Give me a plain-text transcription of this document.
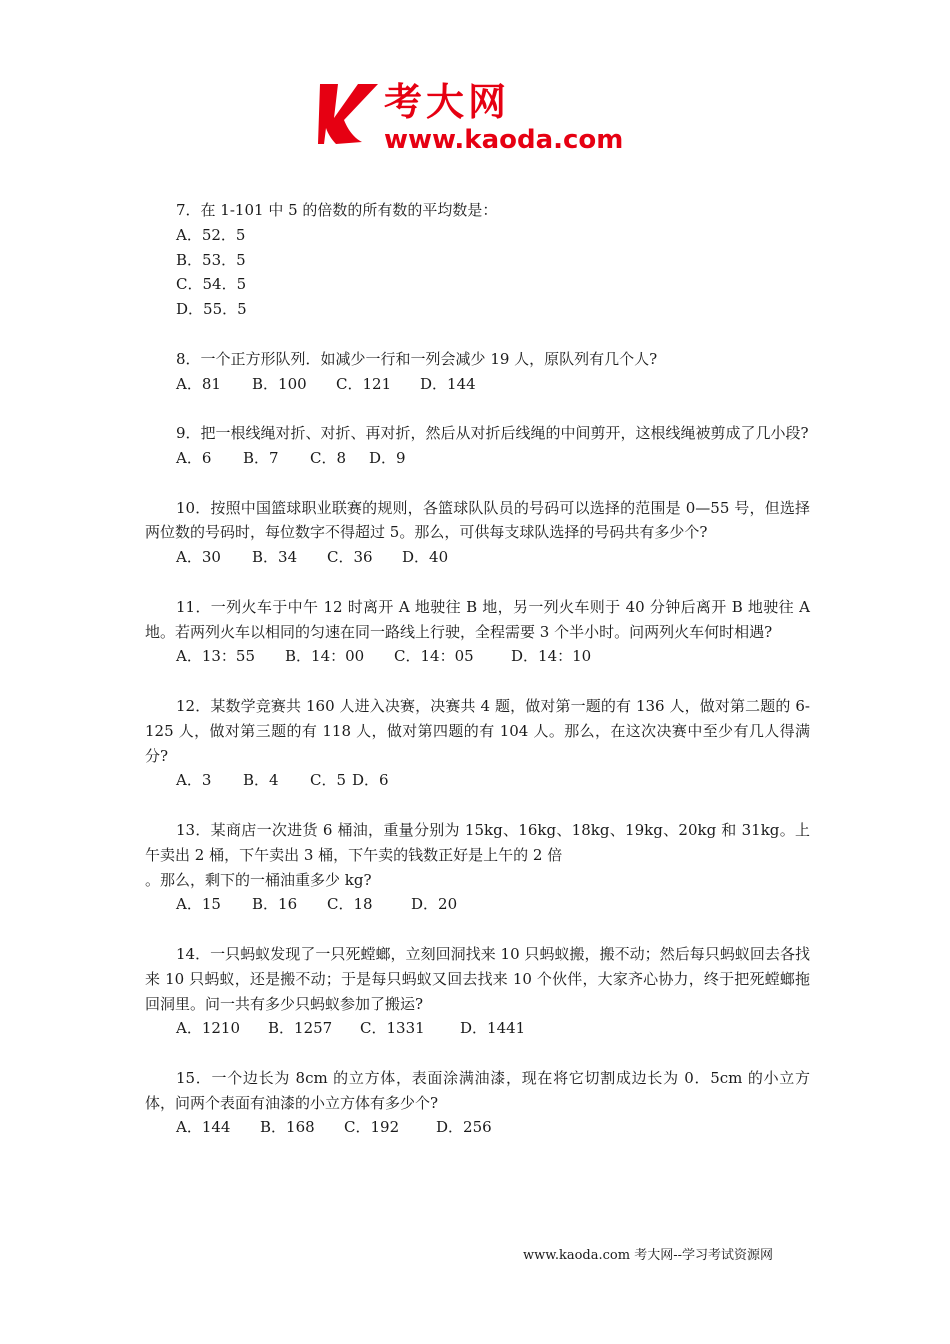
考大网
www.kaoda.com
7．在 1-101 中 5 的倍数的所有数的平均数是：
A．52．5
B．53．5
C．54．5
D．55．5
8．一个正方形队列．如减少一行和一列会减少 19 人，原队列有几个人?
A．81 B．100 C．121 D．144
9．把一根线绳对折、对折、再对折，然后从对折后线绳的中间剪开，这根线绳被剪成了几小段?
A．6 B．7 C．8 D．9
10．按照中国篮球职业联赛的规则，各篮球队队员的号码可以选择的范围是 0—55 号，但选择两位数的号码时，每位数字不得超过 5。那么，可供每支球队选择的号码共有多少个?
A．30 B．34 C．36 D．40
11．一列火车于中午 12 时离开 A 地驶往 B 地，另一列火车则于 40 分钟后离开 B 地驶往 A 地。若两列火车以相同的匀速在同一路线上行驶，全程需要 3 个半小时。问两列火车何时相遇?
A．13：55 B．14：00 C．14：05 D．14：10
12．某数学竞赛共 160 人进入决赛，决赛共 4 题，做对第一题的有 136 人，做对第二题的 6-125 人，做对第三题的有 118 人，做对第四题的有 104 人。那么，在这次决赛中至少有几人得满分?
A．3 B．4 C．5 D．6
13．某商店一次进货 6 桶油，重量分别为 15kg、16kg、18kg、19kg、20kg 和 31kg。上午卖出 2 桶，下午卖出 3 桶，下午卖的钱数正好是上午的 2 倍
。那么，剩下的一桶油重多少 kg?
A．15 B．16 C．18	D．20
14．一只蚂蚁发现了一只死螳螂，立刻回洞找来 10 只蚂蚁搬，搬不动；然后每只蚂蚁回去各找来 10 只蚂蚁，还是搬不动；于是每只蚂蚁又回去找来 10 个伙伴，大家齐心协力，终于把死螳螂拖回洞里。问一共有多少只蚂蚁参加了搬运?
A．1210 B．1257 C．1331 D．1441
15．一个边长为 8cm 的立方体，表面涂满油漆，现在将它切割成边长为 0．5cm 的小立方体，问两个表面有油漆的小立方体有多少个?
A．144 B．168 C．192 D．256
www.kaoda.com 考大网--学习考试资源网
